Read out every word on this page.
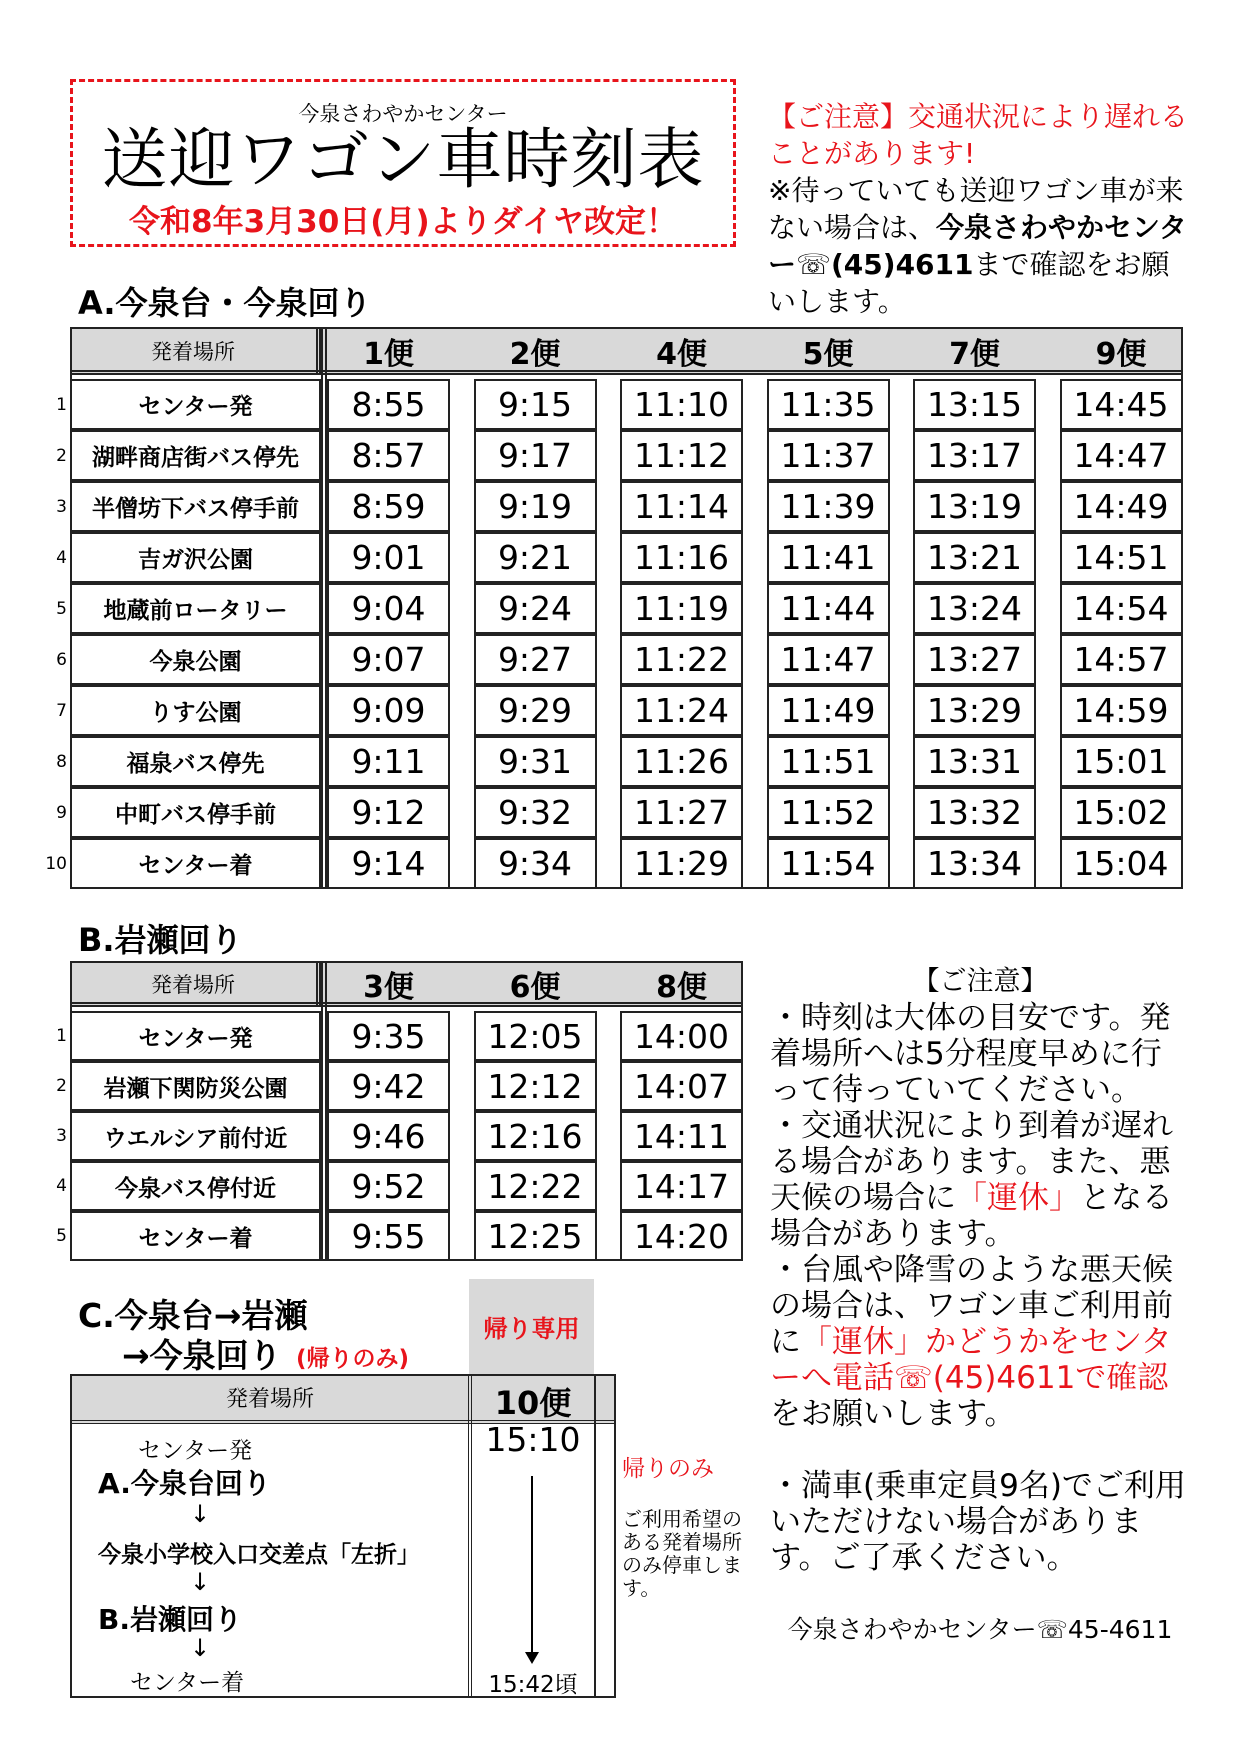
今泉さわやかセンター
送迎ワゴン車時刻表
令和8年3月30日(月)よりダイヤ改定！
【ご注意】交通状況により遅れることがあります!
※待っていても送迎ワゴン車が来ない場合は、今泉さわやかセンター☏(45)4611まで確認をお願いします。
A.今泉台・今泉回り
発着場所	1便	2便	4便	5便	7便	9便
1	センター発	8:55	9:15	11:10	11:35	13:15	14:45
2	湖畔商店街バス停先	8:57	9:17	11:12	11:37	13:17	14:47
3	半僧坊下バス停手前	8:59	9:19	11:14	11:39	13:19	14:49
4	吉ガ沢公園	9:01	9:21	11:16	11:41	13:21	14:51
5	地蔵前ロータリー	9:04	9:24	11:19	11:44	13:24	14:54
6	今泉公園	9:07	9:27	11:22	11:47	13:27	14:57
7	りす公園	9:09	9:29	11:24	11:49	13:29	14:59
8	福泉バス停先	9:11	9:31	11:26	11:51	13:31	15:01
9	中町バス停手前	9:12	9:32	11:27	11:52	13:32	15:02
10	センター着	9:14	9:34	11:29	11:54	13:34	15:04
B.岩瀬回り
発着場所	3便	6便	8便
1	センター発	9:35	12:05	14:00
2	岩瀬下関防災公園	9:42	12:12	14:07
3	ウエルシア前付近	9:46	12:16	14:11
4	今泉バス停付近	9:52	12:22	14:17
5	センター着	9:55	12:25	14:20
C.今泉台→岩瀬
→今泉回り (帰りのみ)
帰り専用
発着場所	10便
センター発
A.今泉台回り
↓
今泉小学校入口交差点「左折」
↓
B.岩瀬回り
↓
センター着
15:10
15:42頃
帰りのみ
ご利用希望のある発着場所のみ停車します。

【ご注意】

・時刻は大体の目安です。発着場所へは5分程度早めに行って待っていてください。

・交通状況により到着が遅れる場合があります。また、悪天候の場合に「運休」となる場合があります。

・台風や降雪のような悪天候の場合は、ワゴン車ご利用前に「運休」かどうかをセンターへ電話☏(45)4611で確認をお願いします。

・満車(乗車定員9名)でご利用いただけない場合があります。ご了承ください。

今泉さわやかセンター☏45-4611
